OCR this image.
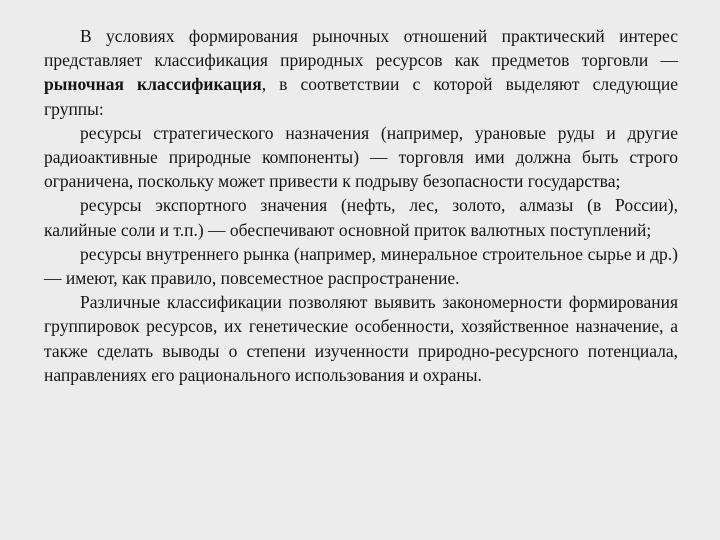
В условиях формирования рыночных отношений практический интерес представляет классификация природных ресурсов как предметов торговли — рыночная классификация, в соответствии с которой выделяют следующие группы:

ресурсы стратегического назначения (например, урановые руды и другие радиоактивные природные компоненты) — торговля ими должна быть строго ограничена, поскольку может привести к подрыву безопасности государства;

ресурсы экспортного значения (нефть, лес, золото, алмазы (в России), калийные соли и т.п.) — обеспечивают основной приток валютных поступлений;

ресурсы внутреннего рынка (например, минеральное строительное сырье и др.) — имеют, как правило, повсеместное распространение.

Различные классификации позволяют выявить закономерности формирования группировок ресурсов, их генетические особенности, хозяйственное назначение, а также сделать выводы о степени изученности природно-ресурсного потенциала, направлениях его рационального использования и охраны.
